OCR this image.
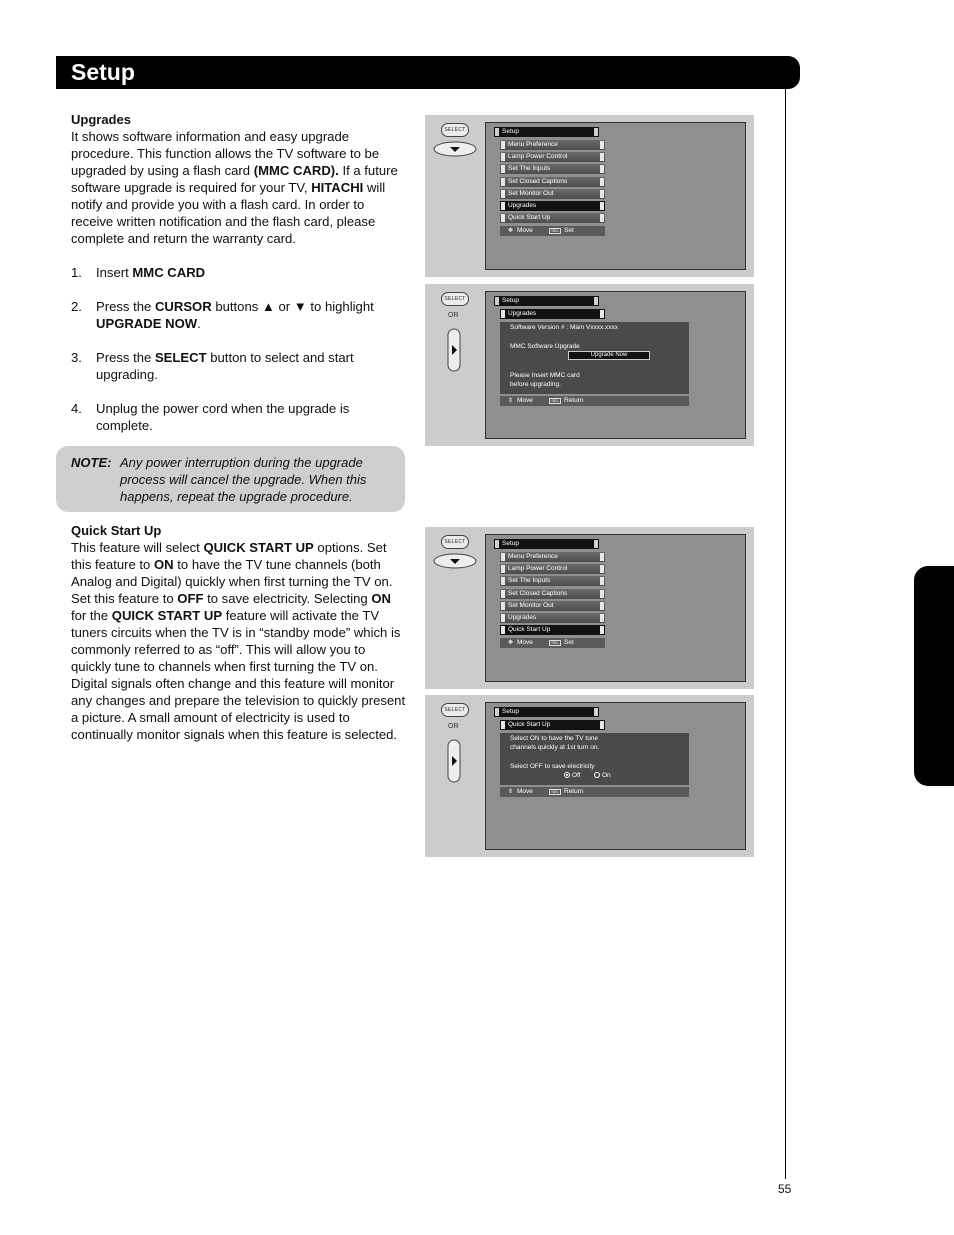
Setup
55
Upgrades

It shows software information and easy upgrade procedure. This function allows the TV software to be upgraded by using a flash card (MMC CARD). If a future software upgrade is required for your TV, HITACHI will notify and provide you with a flash card. In order to receive written notification and the flash card, please complete and return the warranty card.

1. Insert MMC CARD
2. Press the CURSOR buttons ▲ or ▼ to highlight UPGRADE NOW.
3. Press the SELECT button to select and start upgrading.
4. Unplug the power cord when the upgrade is complete.
NOTE: Any power interruption during the upgrade process will cancel the upgrade. When this happens, repeat the upgrade procedure.
Quick Start Up

This feature will select QUICK START UP options. Set this feature to ON to have the TV tune channels (both Analog and Digital) quickly when first turning the TV on. Set this feature to OFF to save electricity. Selecting ON for the QUICK START UP feature will activate the TV tuners circuits when the TV is in “standby mode” which is commonly referred to as “off”. This will allow you to quickly tune to channels when first turning the TV on. Digital signals often change and this feature will monitor any changes and prepare the television to quickly present a picture. A small amount of electricity is used to continually monitor signals when this feature is selected.

SELECT	Setup
Menu Preference
Lamp Power Control
Set The Inputs
Set Closed Captions
Set Monitor Out
Upgrades
Quick Start Up
✥ Move	SEL Set
SELECT
OR
Setup
Upgrades
Software Version # : Main Vxxxx.xxxx
MMC Software Upgrade
Upgrade Now
Please Insert MMC card
before upgrading.
⇕ Move	SEL Return
SELECT	Setup
Menu Preference
Lamp Power Control
Set The Inputs
Set Closed Captions
Set Monitor Out
Upgrades
Quick Start Up
✥ Move	SEL Set
SELECT
OR
Setup
Quick Start Up
Select ON to have the TV tune
channels quickly at 1st turn on.
Select OFF to save electricity
Off	On
⇕ Move	SEL Return
